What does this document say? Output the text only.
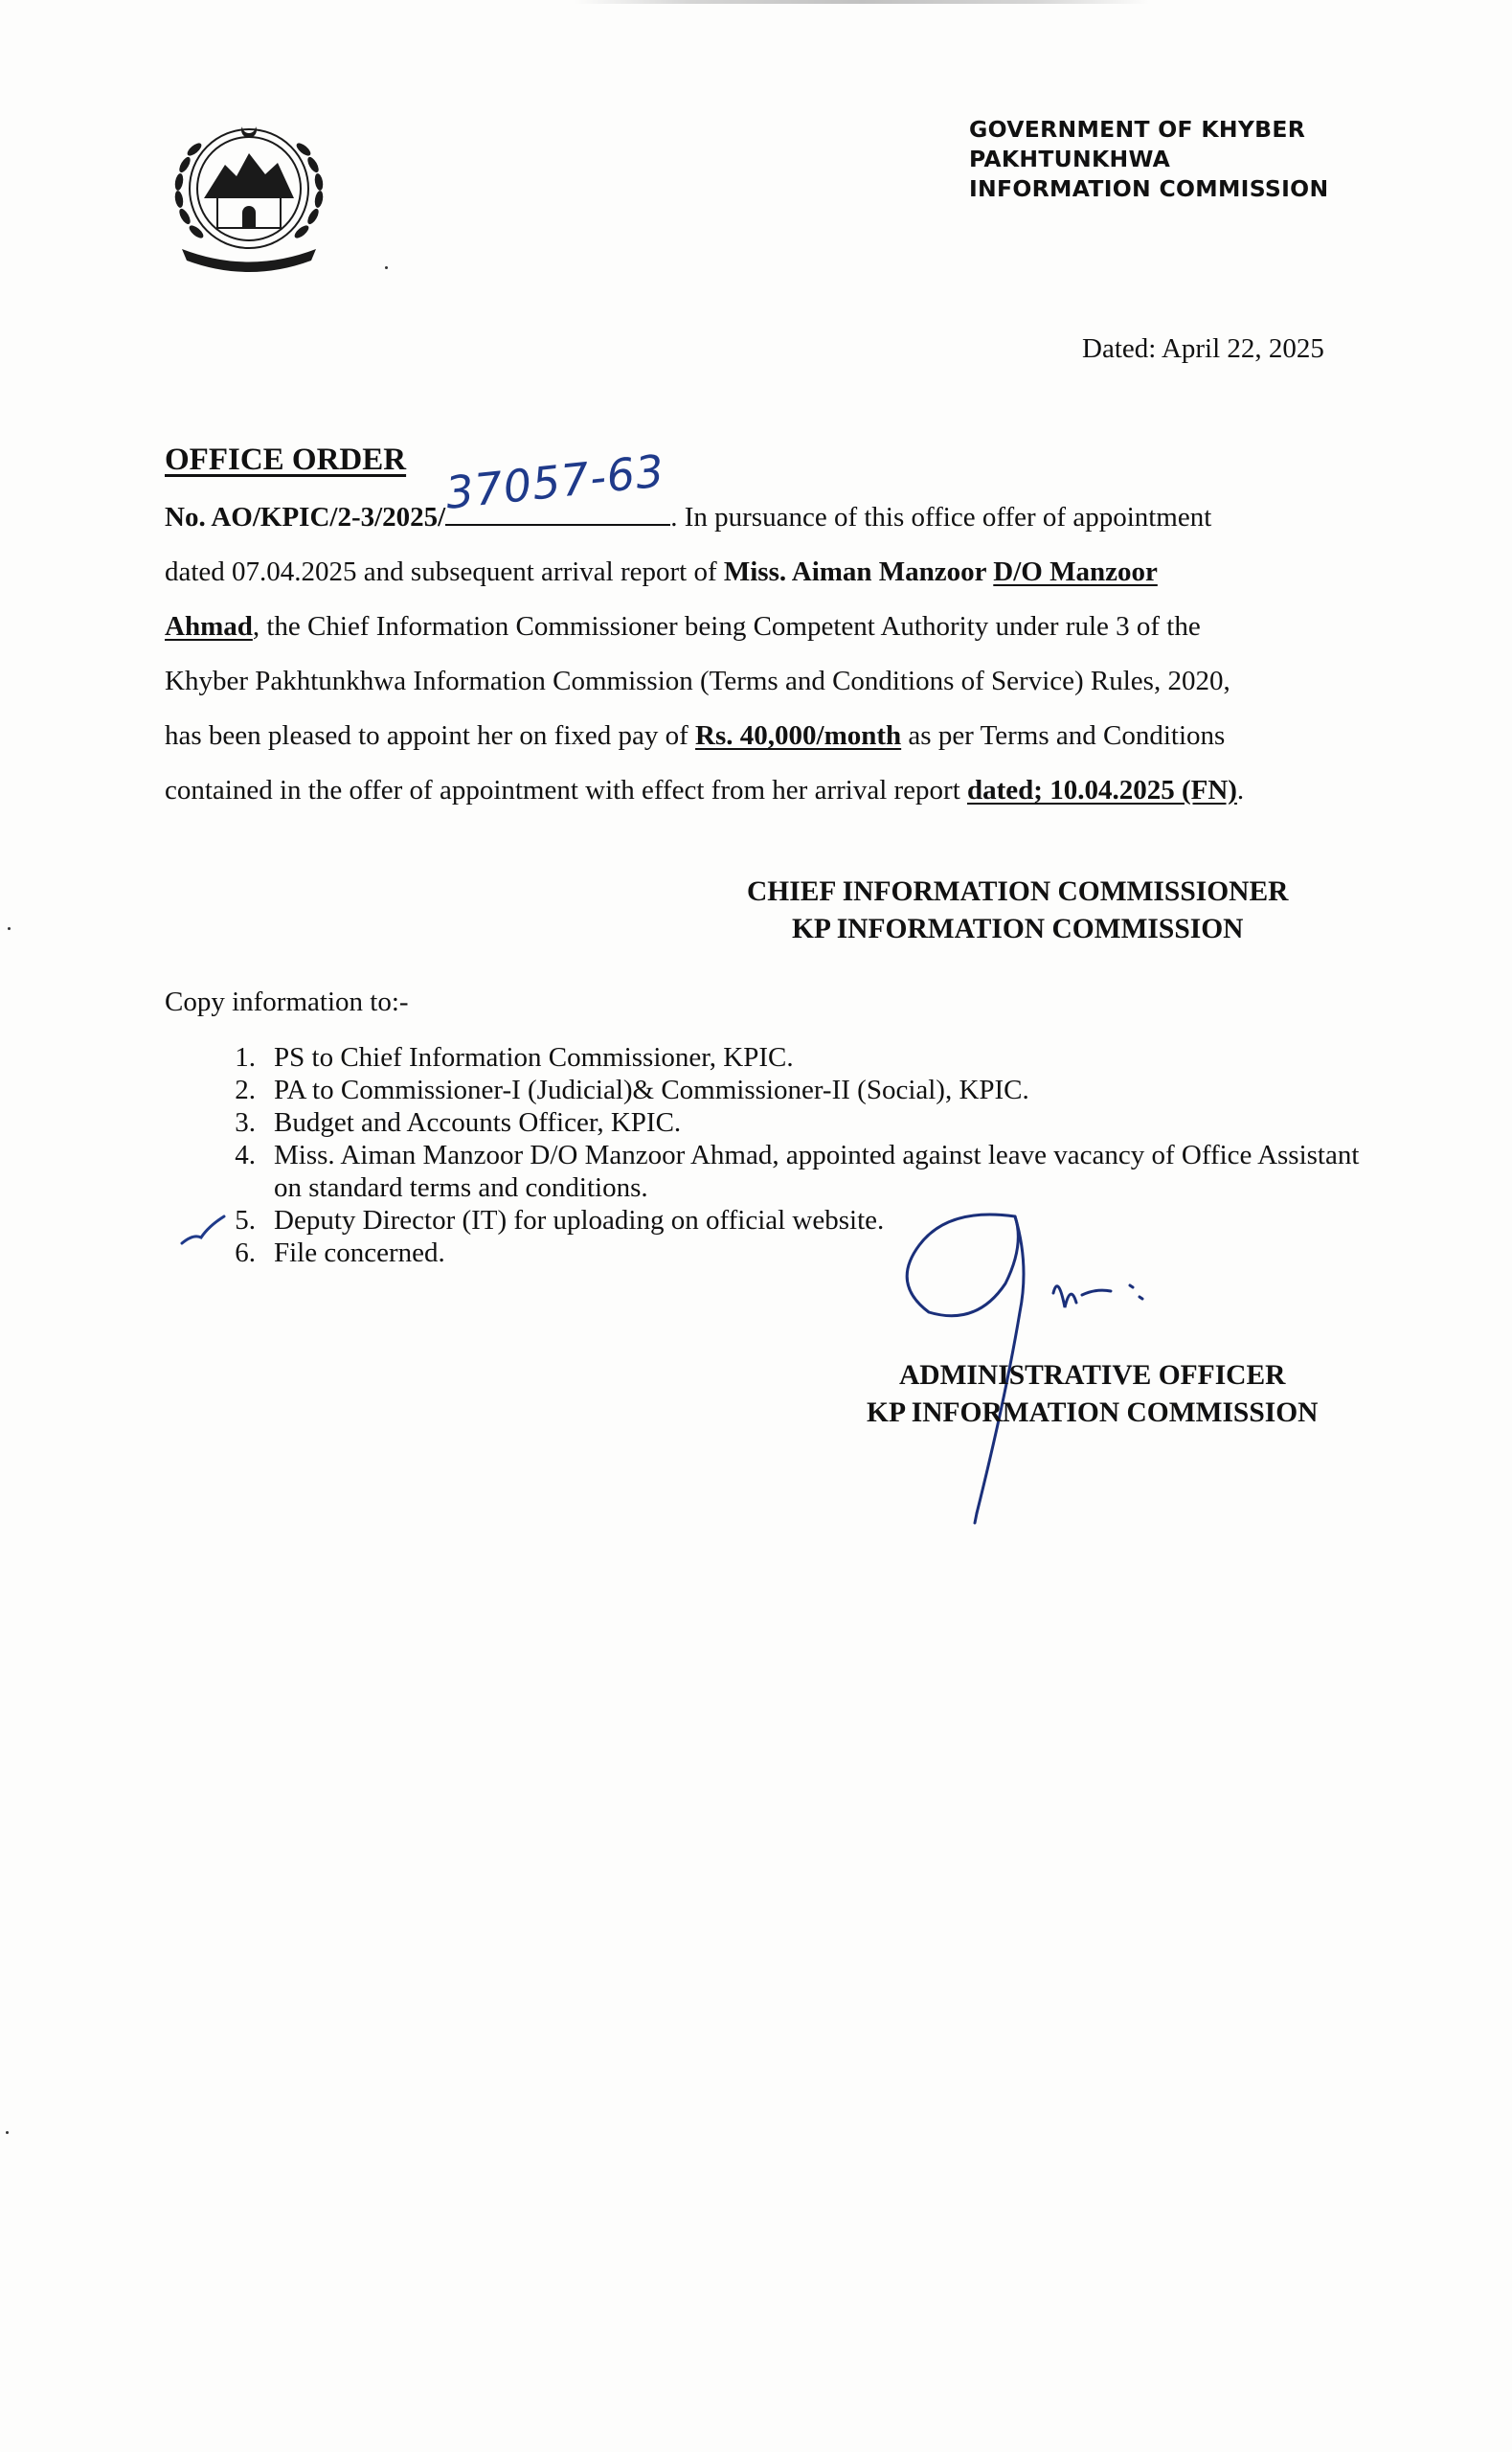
GOVERNMENT OF KHYBER
PAKHTUNKHWA
INFORMATION COMMISSION
Dated: April 22, 2025
OFFICE ORDER
No. AO/KPIC/2-3/2025/
37057-63 . In pursuance of this office offer of appointment
dated 07.04.2025 and subsequent arrival report of Miss. Aiman Manzoor D/O Manzoor
Ahmad, the Chief Information Commissioner being Competent Authority under rule 3 of the
Khyber Pakhtunkhwa Information Commission (Terms and Conditions of Service) Rules, 2020,
has been pleased to appoint her on fixed pay of Rs. 40,000/month as per Terms and Conditions
contained in the offer of appointment with effect from her arrival report dated; 10.04.2025 (FN).
CHIEF INFORMATION COMMISSIONER
KP INFORMATION COMMISSION
Copy information to:-
1. PS to Chief Information Commissioner, KPIC.
2. PA to Commissioner-I (Judicial)& Commissioner-II (Social), KPIC.
3. Budget and Accounts Officer, KPIC.
4. Miss. Aiman Manzoor D/O Manzoor Ahmad, appointed against leave vacancy of Office Assistant on standard terms and conditions.
5. Deputy Director (IT) for uploading on official website.
6. File concerned.
ADMINISTRATIVE OFFICER
KP INFORMATION COMMISSION
